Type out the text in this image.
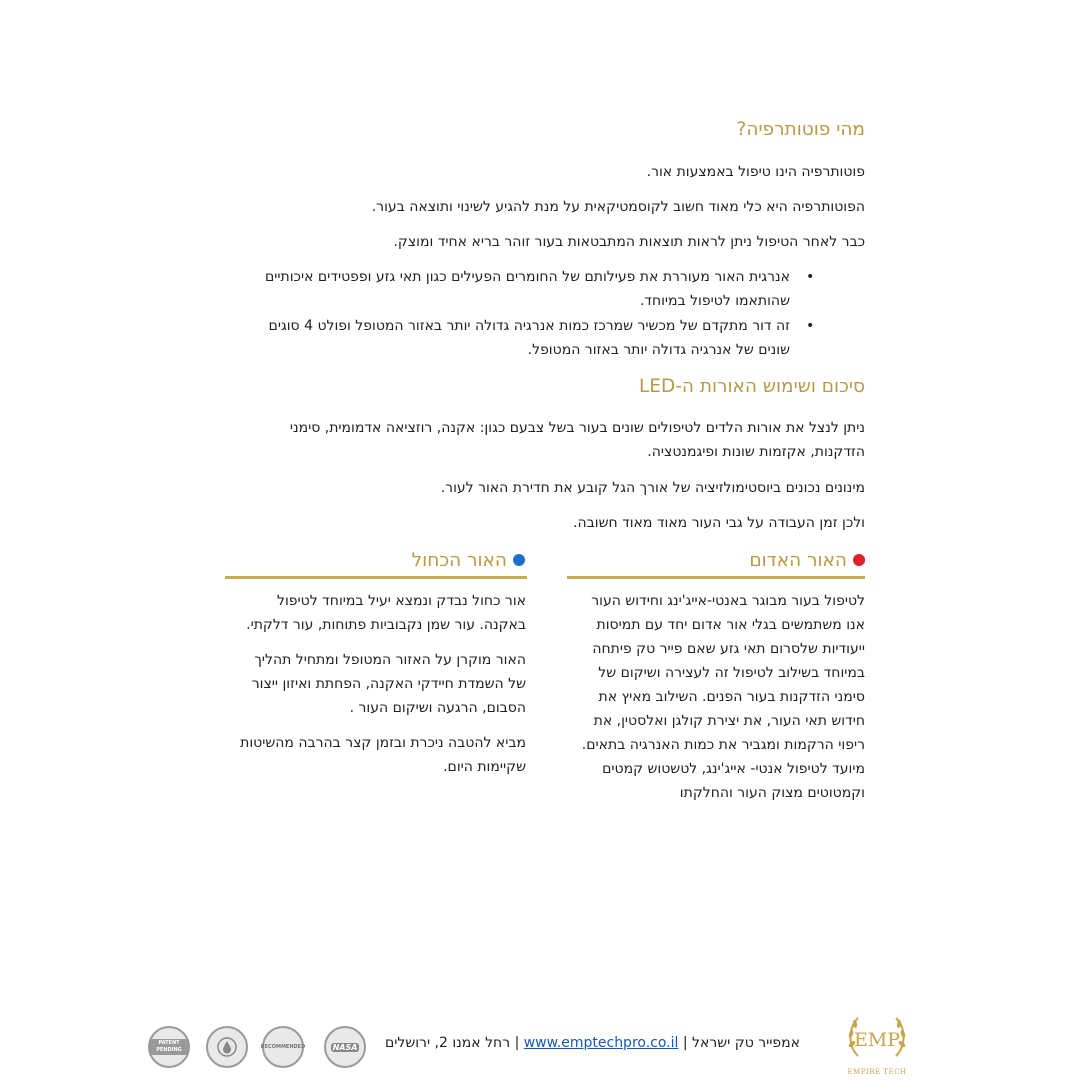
מהי פוטותרפיה?
פוטותרפיה הינו טיפול באמצעות אור.
הפוטותרפיה היא כלי מאוד חשוב לקוסמטיקאית על מנת להגיע לשינוי ותוצאה בעור.
כבר לאחר הטיפול ניתן לראות תוצאות המתבטאות בעור זוהר בריא אחיד ומוצק.
•
אנרגית האור מעוררת את פעילותם של החומרים הפעילים כגון תאי גזע ופפטידים איכותיים
שהותאמו לטיפול במיוחד.
•
זה דור מתקדם של מכשיר שמרכז כמות אנרגיה גדולה יותר באזור המטופל ופולט 4 סוגים
שונים של אנרגיה גדולה יותר באזור המטופל.
סיכום ושימוש האורות ה-LED
ניתן לנצל את אורות הלדים לטיפולים שונים בעור בשל צבעם כגון: אקנה, רוזציאה אדמומית, סימני
הזדקנות, אקזמות שונות ופיגמנטציה.
מינונים נכונים ביוסטימולזיציה של אורך הגל קובע את חדירת האור לעור.
ולכן זמן העבודה על גבי העור מאוד מאוד חשובה.
האור האדום
לטיפול בעור מבוגר באנטי-אייג'ינג וחידוש העור
אנו משתמשים בגלי אור אדום יחד עם תמיסות
ייעודיות שלסרום תאי גזע שאם פייר טק פיתחה
במיוחד בשילוב לטיפול זה לעצירה ושיקום של
סימני הזדקנות בעור הפנים. השילוב מאיץ את
חידוש תאי העור, את יצירת קולגן ואלסטין, את
ריפוי הרקמות ומגביר את כמות האנרגיה בתאים.
מיועד לטיפול אנטי- אייג'ינג, לטשטוש קמטים
וקמטוטים מצוק העור והחלקתו
האור הכחול
אור כחול נבדק ונמצא יעיל במיוחד לטיפול
באקנה. עור שמן נקבוביות פתוחות, עור דלקתי.
האור מוקרן על האזור המטופל ומתחיל תהליך
של השמדת חיידקי האקנה, הפחתת ואיזון ייצור
הסבום, הרגעה ושיקום העור .
מביא להטבה ניכרת ובזמן קצר בהרבה מהשיטות
שקיימות היום.
EMP
EMPIRE TECH
אמפייר טק ישראל | www.emptechpro.co.il | רחל אמנו 2, ירושלים
NASA
RECOMMENDED
PATENT PENDING
